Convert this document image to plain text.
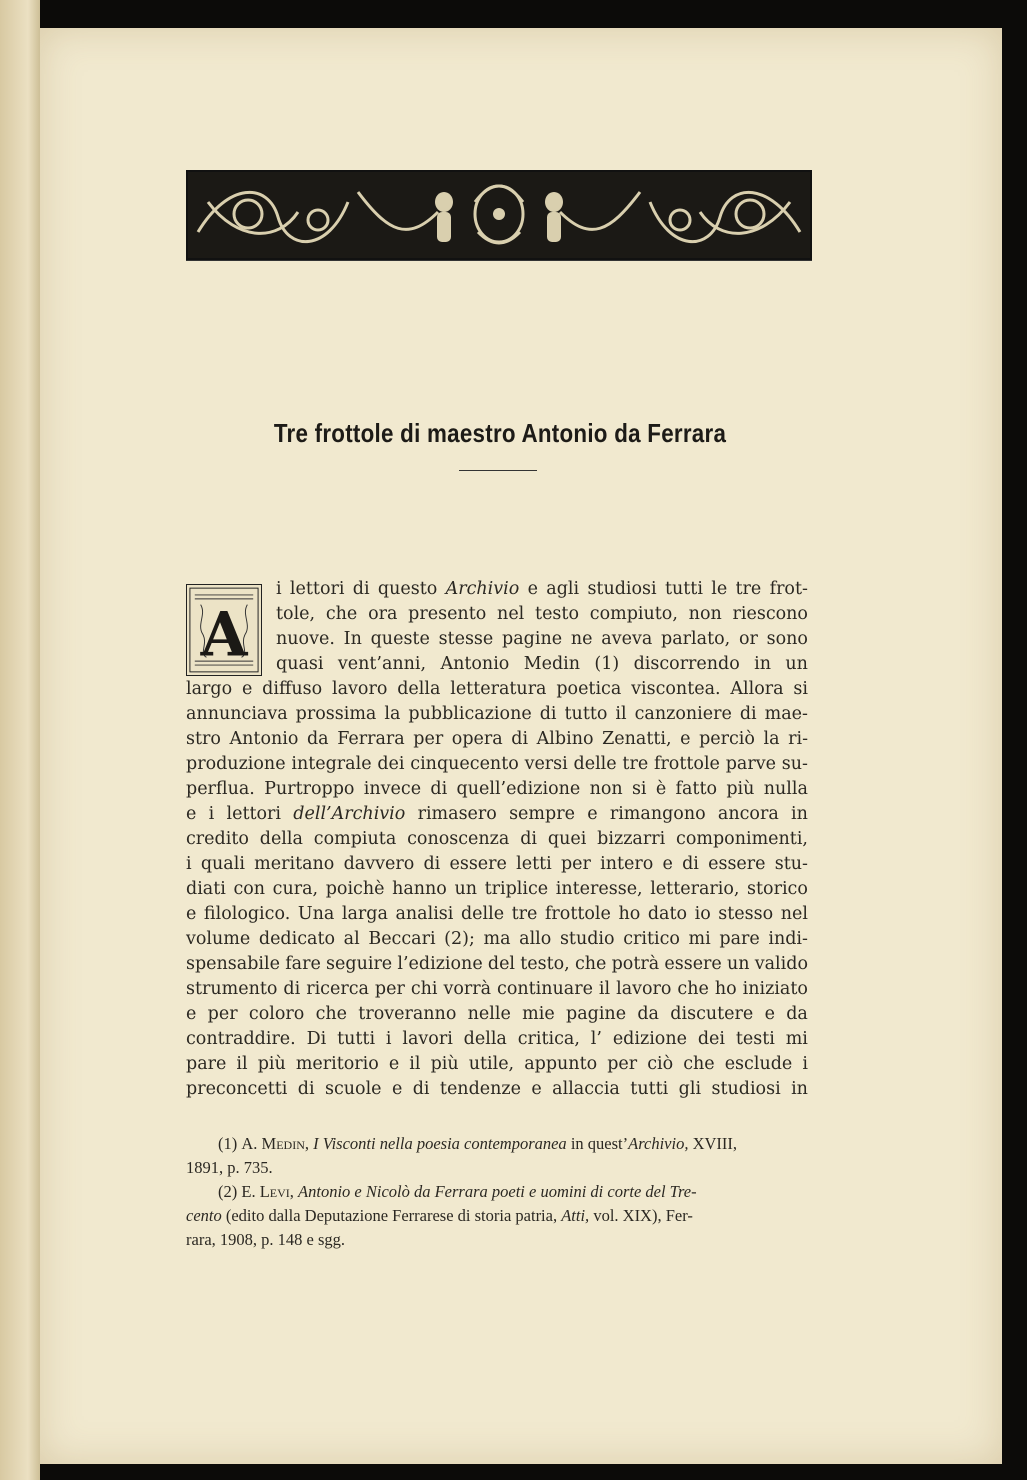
Tre frottole di maestro Antonio da Ferrara
A
i lettori di questo Archivio e agli studiosi tutti le tre frot-
tole, che ora presento nel testo compiuto, non riescono
nuove. In queste stesse pagine ne aveva parlato, or sono
quasi vent’anni, Antonio Medin (1) discorrendo in un
largo e diffuso lavoro della letteratura poetica viscontea. Allora si
annunciava prossima la pubblicazione di tutto il canzoniere di mae-
stro Antonio da Ferrara per opera di Albino Zenatti, e perciò la ri-
produzione integrale dei cinquecento versi delle tre frottole parve su-
perflua. Purtroppo invece di quell’edizione non si è fatto più nulla
e i lettori dell’Archivio rimasero sempre e rimangono ancora in
credito della compiuta conoscenza di quei bizzarri componimenti,
i quali meritano davvero di essere letti per intero e di essere stu-
diati con cura, poichè hanno un triplice interesse, letterario, storico
e filologico. Una larga analisi delle tre frottole ho dato io stesso nel
volume dedicato al Beccari (2); ma allo studio critico mi pare indi-
spensabile fare seguire l’edizione del testo, che potrà essere un valido
strumento di ricerca per chi vorrà continuare il lavoro che ho iniziato
e per coloro che troveranno nelle mie pagine da discutere e da
contraddire. Di tutti i lavori della critica, l’ edizione dei testi mi
pare il più meritorio e il più utile, appunto per ciò che esclude i
preconcetti di scuole e di tendenze e allaccia tutti gli studiosi in
(1) A. Medin, I Visconti nella poesia contemporanea in quest’Archivio, XVIII,
1891, p. 735.
(2) E. Levi, Antonio e Nicolò da Ferrara poeti e uomini di corte del Tre-
cento (edito dalla Deputazione Ferrarese di storia patria, Atti, vol. XIX), Fer-
rara, 1908, p. 148 e sgg.
